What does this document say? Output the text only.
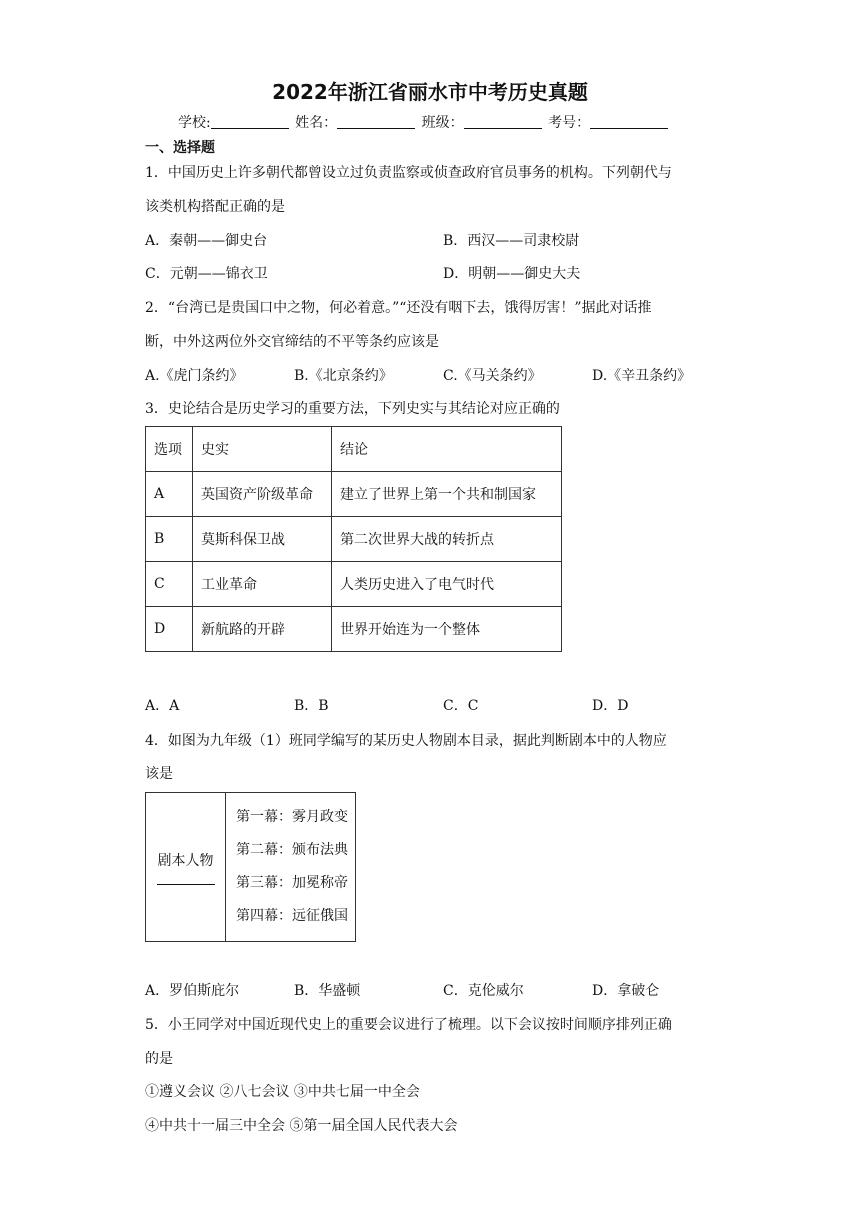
2022年浙江省丽水市中考历史真题
学校:	姓名：	班级：	考号：
一、选择题
1．中国历史上许多朝代都曾设立过负责监察或侦查政府官员事务的机构。下列朝代与
该类机构搭配正确的是
A．秦朝——御史台	B．西汉——司隶校尉
C．元朝——锦衣卫	D．明朝——御史大夫
2．“台湾已是贵国口中之物，何必着意。”“还没有咽下去，饿得厉害！”据此对话推
断，中外这两位外交官缔结的不平等条约应该是
A.《虎门条约》	B.《北京条约》	C.《马关条约》	D.《辛丑条约》
3．史论结合是历史学习的重要方法，下列史实与其结论对应正确的
选项	史实	结论
A	英国资产阶级革命	建立了世界上第一个共和制国家
B	莫斯科保卫战	第二次世界大战的转折点
C	工业革命	人类历史进入了电气时代
D	新航路的开辟	世界开始连为一个整体
A．A	B．B	C．C	D．D
4．如图为九年级（1）班同学编写的某历史人物剧本目录，据此判断剧本中的人物应
该是
剧本人物

第一幕：雾月政变
第二幕：颁布法典
第三幕：加冕称帝
第四幕：远征俄国
A．罗伯斯庇尔	B．华盛顿	C．克伦威尔	D．拿破仑
5．小王同学对中国近现代史上的重要会议进行了梳理。以下会议按时间顺序排列正确
的是
①遵义会议 ②八七会议 ③中共七届一中全会
④中共十一届三中全会 ⑤第一届全国人民代表大会
